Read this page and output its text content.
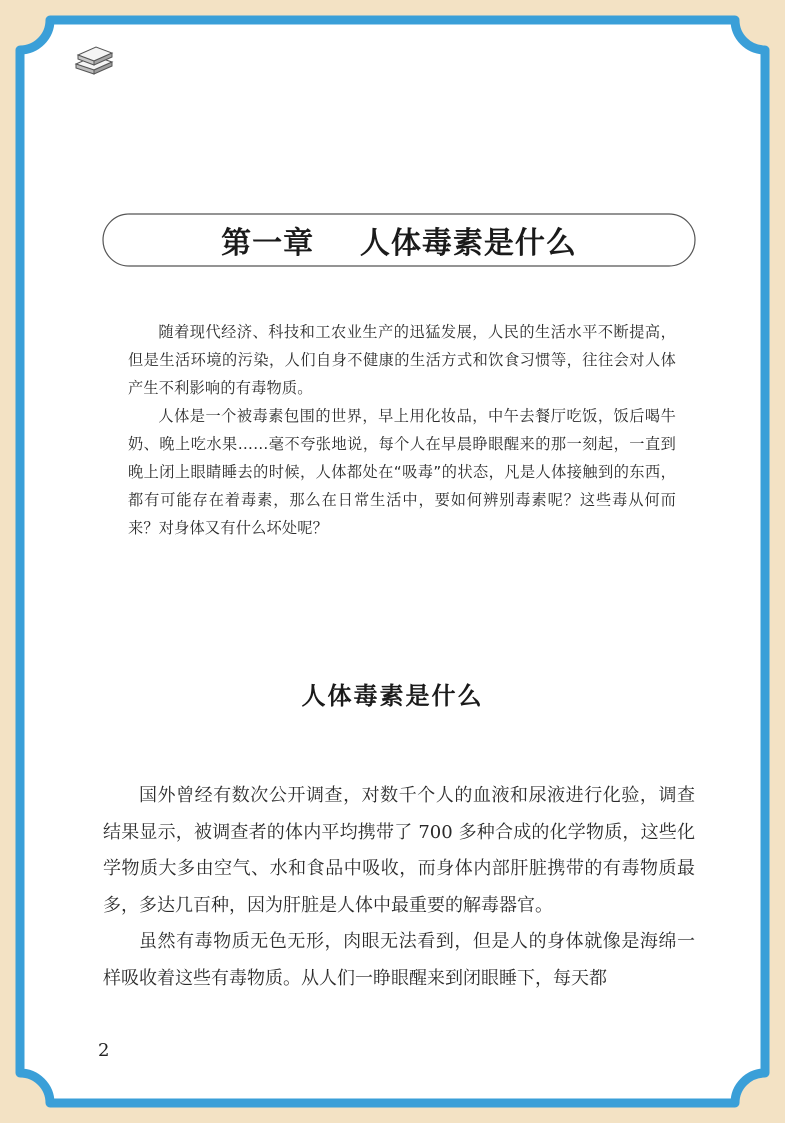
第一章    人体毒素是什么

随着现代经济、科技和工农业生产的迅猛发展，人民的生活水平不断提高，但是生活环境的污染，人们自身不健康的生活方式和饮食习惯等，往往会对人体产生不利影响的有毒物质。

人体是一个被毒素包围的世界，早上用化妆品，中午去餐厅吃饭，饭后喝牛奶、晚上吃水果……毫不夸张地说，每个人在早晨睁眼醒来的那一刻起，一直到晚上闭上眼睛睡去的时候，人体都处在“吸毒”的状态，凡是人体接触到的东西，都有可能存在着毒素，那么在日常生活中，要如何辨别毒素呢？这些毒从何而来？对身体又有什么坏处呢？

人体毒素是什么

国外曾经有数次公开调查，对数千个人的血液和尿液进行化验，调查结果显示，被调查者的体内平均携带了 700 多种合成的化学物质，这些化学物质大多由空气、水和食品中吸收，而身体内部肝脏携带的有毒物质最多，多达几百种，因为肝脏是人体中最重要的解毒器官。

虽然有毒物质无色无形，肉眼无法看到，但是人的身体就像是海绵一样吸收着这些有毒物质。从人们一睁眼醒来到闭眼睡下，每天都

2
